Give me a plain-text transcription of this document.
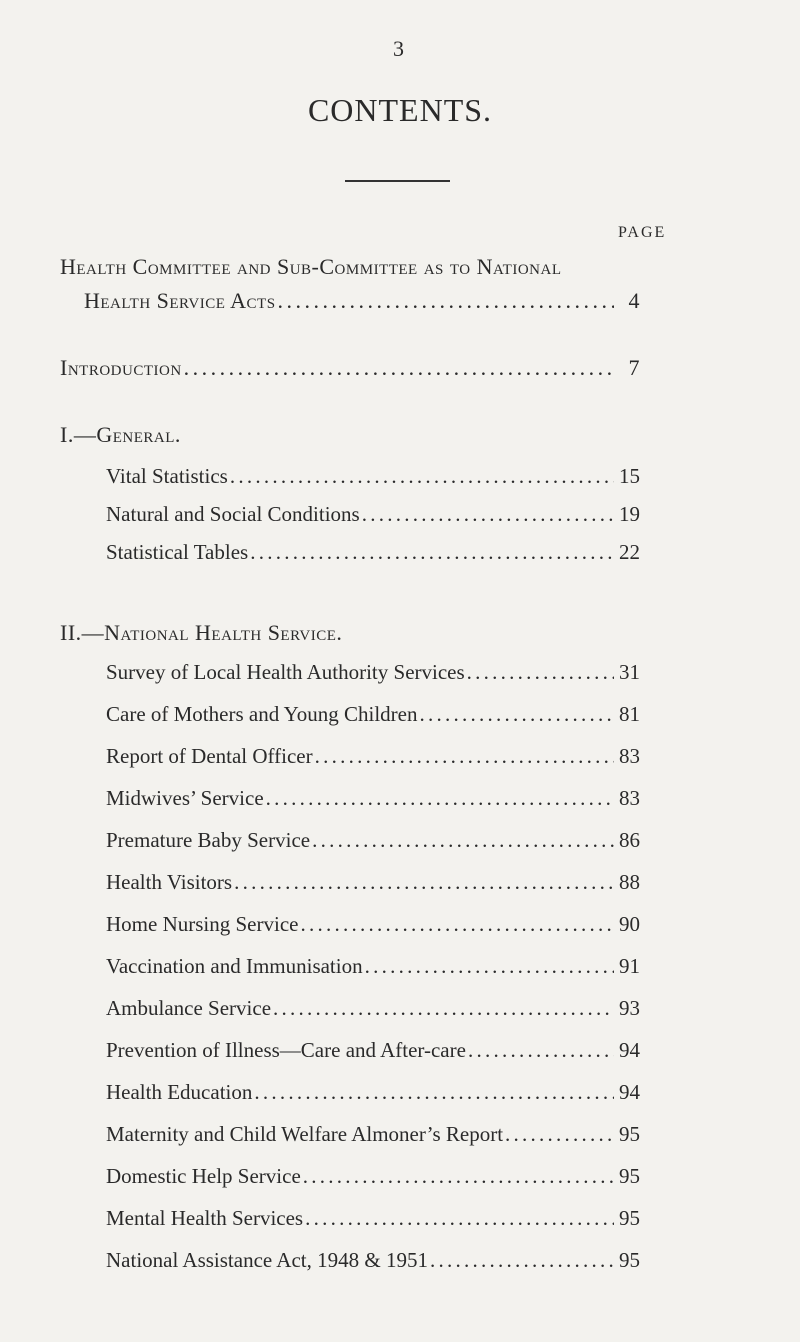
3
CONTENTS.
PAGE
Health Committee and Sub-Committee as to National
Health Service Acts . . .	4
Introduction . . .	7
I.—General.
Vital Statistics . . .	15
Natural and Social Conditions . . .	19
Statistical Tables . . .	22
II.—National Health Service.
Survey of Local Health Authority Services . . .	31
Care of Mothers and Young Children . . .	81
Report of Dental Officer . . .	83
Midwives’ Service . . .	83
Premature Baby Service . . .	86
Health Visitors . . .	88
Home Nursing Service . . .	90
Vaccination and Immunisation . . .	91
Ambulance Service . . .	93
Prevention of Illness—Care and After-care . . .	94
Health Education . . .	94
Maternity and Child Welfare Almoner’s Report . . .	95
Domestic Help Service . . .	95
Mental Health Services . . .	95
National Assistance Act, 1948 & 1951 . . .	95
